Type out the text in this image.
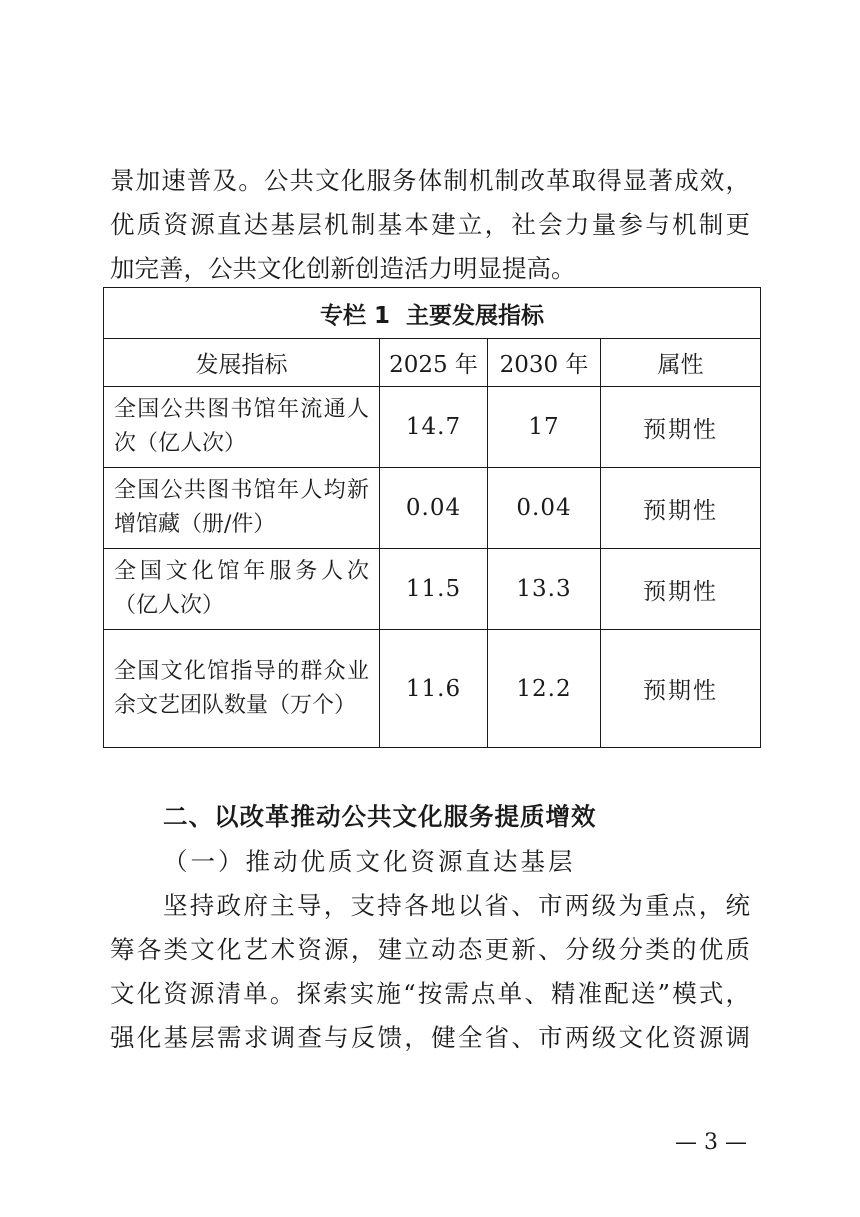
景加速普及。公共文化服务体制机制改革取得显著成效，
优质资源直达基层机制基本建立，社会力量参与机制更
加完善，公共文化创新创造活力明显提高。
专栏 1  主要发展指标			
发展指标	2025 年	2030 年	属性
全国公共图书馆年流通人次（亿人次）	14.7	17	预期性
全国公共图书馆年人均新增馆藏（册/件）	0.04	0.04	预期性
全国文化馆年服务人次（亿人次）	11.5	13.3	预期性
全国文化馆指导的群众业余文艺团队数量（万个）	11.6	12.2	预期性
二、以改革推动公共文化服务提质增效
（一）推动优质文化资源直达基层
坚持政府主导，支持各地以省、市两级为重点，统
筹各类文化艺术资源，建立动态更新、分级分类的优质
文化资源清单。探索实施“按需点单、精准配送”模式，
强化基层需求调查与反馈，健全省、市两级文化资源调
— 3 —
